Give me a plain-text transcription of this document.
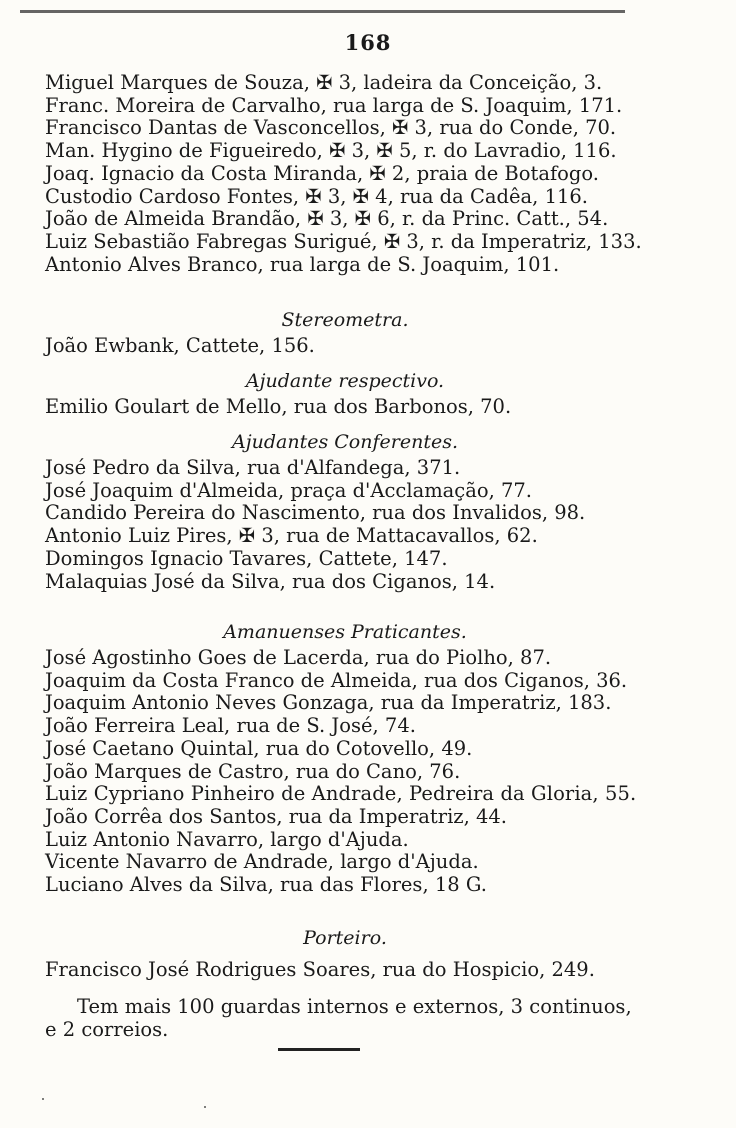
168
Miguel Marques de Souza, ✠ 3, ladeira da Conceição, 3.
Franc. Moreira de Carvalho, rua larga de S. Joaquim, 171.
Francisco Dantas de Vasconcellos, ✠ 3, rua do Conde, 70.
Man. Hygino de Figueiredo, ✠ 3, ✠ 5, r. do Lavradio, 116.
Joaq. Ignacio da Costa Miranda, ✠ 2, praia de Botafogo.
Custodio Cardoso Fontes, ✠ 3, ✠ 4, rua da Cadêa, 116.
João de Almeida Brandão, ✠ 3, ✠ 6, r. da Princ. Catt., 54.
Luiz Sebastião Fabregas Surigué, ✠ 3, r. da Imperatriz, 133.
Antonio Alves Branco, rua larga de S. Joaquim, 101.
Stereometra.
João Ewbank, Cattete, 156.
Ajudante respectivo.
Emilio Goulart de Mello, rua dos Barbonos, 70.
Ajudantes Conferentes.
José Pedro da Silva, rua d'Alfandega, 371.
José Joaquim d'Almeida, praça d'Acclamação, 77.
Candido Pereira do Nascimento, rua dos Invalidos, 98.
Antonio Luiz Pires, ✠ 3, rua de Mattacavallos, 62.
Domingos Ignacio Tavares, Cattete, 147.
Malaquias José da Silva, rua dos Ciganos, 14.
Amanuenses Praticantes.
José Agostinho Goes de Lacerda, rua do Piolho, 87.
Joaquim da Costa Franco de Almeida, rua dos Ciganos, 36.
Joaquim Antonio Neves Gonzaga, rua da Imperatriz, 183.
João Ferreira Leal, rua de S. José, 74.
José Caetano Quintal, rua do Cotovello, 49.
João Marques de Castro, rua do Cano, 76.
Luiz Cypriano Pinheiro de Andrade, Pedreira da Gloria, 55.
João Corrêa dos Santos, rua da Imperatriz, 44.
Luiz Antonio Navarro, largo d'Ajuda.
Vicente Navarro de Andrade, largo d'Ajuda.
Luciano Alves da Silva, rua das Flores, 18 G.
Porteiro.
Francisco José Rodrigues Soares, rua do Hospicio, 249.
Tem mais 100 guardas internos e externos, 3 continuos,
e 2 correios.
